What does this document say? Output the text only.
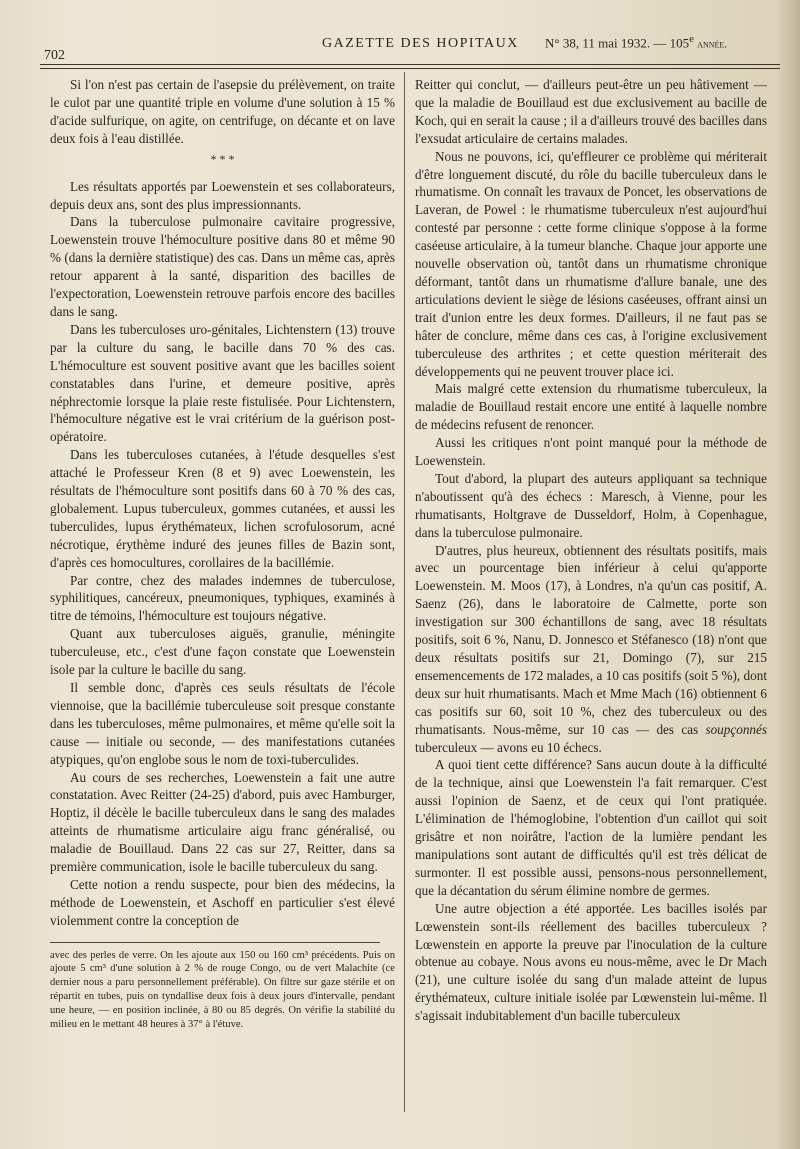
702
GAZETTE DES HOPITAUX N° 38, 11 mai 1932. — 105e année.

Si l'on n'est pas certain de l'asepsie du prélèvement, on traite le culot par une quantité triple en volume d'une solution à 15 % d'acide sulfurique, on agite, on centrifuge, on décante et on lave deux fois à l'eau distillée.

* * *

Les résultats apportés par Loewenstein et ses collaborateurs, depuis deux ans, sont des plus impressionnants.

Dans la tuberculose pulmonaire cavitaire progressive, Loewenstein trouve l'hémoculture positive dans 80 et même 90 % (dans la dernière statistique) des cas. Dans un même cas, après retour apparent à la santé, disparition des bacilles de l'expectoration, Loewenstein retrouve parfois encore des bacilles dans le sang.

Dans les tuberculoses uro-génitales, Lichtenstern (13) trouve par la culture du sang, le bacille dans 70 % des cas. L'hémoculture est souvent positive avant que les bacilles soient constatables dans l'urine, et demeure positive, après néphrectomie lorsque la plaie reste fistulisée. Pour Lichtenstern, l'hémoculture négative est le vrai critérium de la guérison post-opératoire.

Dans les tuberculoses cutanées, à l'étude desquelles s'est attaché le Professeur Kren (8 et 9) avec Loewenstein, les résultats de l'hémoculture sont positifs dans 60 à 70 % des cas, globalement. Lupus tuberculeux, gommes cutanées, et aussi les tuberculides, lupus érythémateux, lichen scrofulosorum, acné nécrotique, érythème induré des jeunes filles de Bazin sont, d'après ces homocultures, corollaires de la bacillémie.

Par contre, chez des malades indemnes de tuberculose, syphilitiques, cancéreux, pneumoniques, typhiques, examinés à titre de témoins, l'hémoculture est toujours négative.

Quant aux tuberculoses aiguës, granulie, méningite tuberculeuse, etc., c'est d'une façon constate que Loewenstein isole par la culture le bacille du sang.

Il semble donc, d'après ces seuls résultats de l'école viennoise, que la bacillémie tuberculeuse soit presque constante dans les tuberculoses, même pulmonaires, et même qu'elle soit la cause — initiale ou seconde, — des manifestations cutanées atypiques, qu'on englobe sous le nom de toxi-tuberculides.

Au cours de ses recherches, Loewenstein a fait une autre constatation. Avec Reitter (24-25) d'abord, puis avec Hamburger, Hoptiz, il décèle le bacille tuberculeux dans le sang des malades atteints de rhumatisme articulaire aigu franc généralisé, ou maladie de Bouillaud. Dans 22 cas sur 27, Reitter, dans sa première communication, isole le bacille tuberculeux du sang.

Cette notion a rendu suspecte, pour bien des médecins, la méthode de Loewenstein, et Aschoff en particulier s'est élevé violemment contre la conception de

avec des perles de verre. On les ajoute aux 150 ou 160 cm³ précédents. Puis on ajoute 5 cm³ d'une solution à 2 % de rouge Congo, ou de vert Malachite (ce dernier nous a paru personnellement préférable). On filtre sur gaze stérile et on répartit en tubes, puis on tyndallise deux fois à deux jours d'intervalle, pendant une heure, — en position inclinée, à 80 ou 85 degrés. On vérifie la stabilité du milieu en le mettant 48 heures à 37° à l'étuve.

Reitter qui conclut, — d'ailleurs peut-être un peu hâtivement — que la maladie de Bouillaud est due exclusivement au bacille de Koch, qui en serait la cause ; il a d'ailleurs trouvé des bacilles dans l'exsudat articulaire de certains malades.

Nous ne pouvons, ici, qu'effleurer ce problème qui mériterait d'être longuement discuté, du rôle du bacille tuberculeux dans le rhumatisme. On connaît les travaux de Poncet, les observations de Laveran, de Powel : le rhumatisme tuberculeux n'est aujourd'hui contesté par personne : cette forme clinique s'oppose à la forme caséeuse articulaire, à la tumeur blanche. Chaque jour apporte une nouvelle observation où, tantôt dans un rhumatisme chronique déformant, tantôt dans un rhumatisme d'allure banale, une des articulations devient le siège de lésions caséeuses, offrant ainsi un trait d'union entre les deux formes. D'ailleurs, il ne faut pas se hâter de conclure, même dans ces cas, à l'origine exclusivement tuberculeuse des arthrites ; et cette question mériterait des développements qui ne peuvent trouver place ici.

Mais malgré cette extension du rhumatisme tuberculeux, la maladie de Bouillaud restait encore une entité à laquelle nombre de médecins refusent de renoncer.

Aussi les critiques n'ont point manqué pour la méthode de Loewenstein.

Tout d'abord, la plupart des auteurs appliquant sa technique n'aboutissent qu'à des échecs : Maresch, à Vienne, pour les rhumatisants, Holtgrave de Dusseldorf, Holm, à Copenhague, dans la tuberculose pulmonaire.

D'autres, plus heureux, obtiennent des résultats positifs, mais avec un pourcentage bien inférieur à celui qu'apporte Loewenstein. M. Moos (17), à Londres, n'a qu'un cas positif, A. Saenz (26), dans le laboratoire de Calmette, porte son investigation sur 300 échantillons de sang, avec 18 résultats positifs, soit 6 %, Nanu, D. Jonnesco et Stéfanesco (18) n'ont que deux résultats positifs sur 21, Domingo (7), sur 215 ensemencements de 172 malades, a 10 cas positifs (soit 5 %), dont deux sur huit rhumatisants. Mach et Mme Mach (16) obtiennent 6 cas positifs sur 60, soit 10 %, chez des tuberculeux ou des rhumatisants. Nous-même, sur 10 cas — des cas soupçonnés tuberculeux — avons eu 10 échecs.

A quoi tient cette différence? Sans aucun doute à la difficulté de la technique, ainsi que Loewenstein l'a fait remarquer. C'est aussi l'opinion de Saenz, et de ceux qui l'ont pratiquée. L'élimination de l'hémoglobine, l'obtention d'un caillot qui soit grisâtre et non noirâtre, l'action de la lumière pendant les manipulations sont autant de difficultés qu'il est très délicat de surmonter. Il est possible aussi, pensons-nous personnellement, que la décantation du sérum élimine nombre de germes.

Une autre objection a été apportée. Les bacilles isolés par Lœwenstein sont-ils réellement des bacilles tuberculeux ? Lœwenstein en apporte la preuve par l'inoculation de la culture obtenue au cobaye. Nous avons eu nous-même, avec le Dr Mach (21), une culture isolée du sang d'un malade atteint de lupus érythémateux, culture initiale isolée par Lœwenstein lui-même. Il s'agissait indubitablement d'un bacille tuberculeux
